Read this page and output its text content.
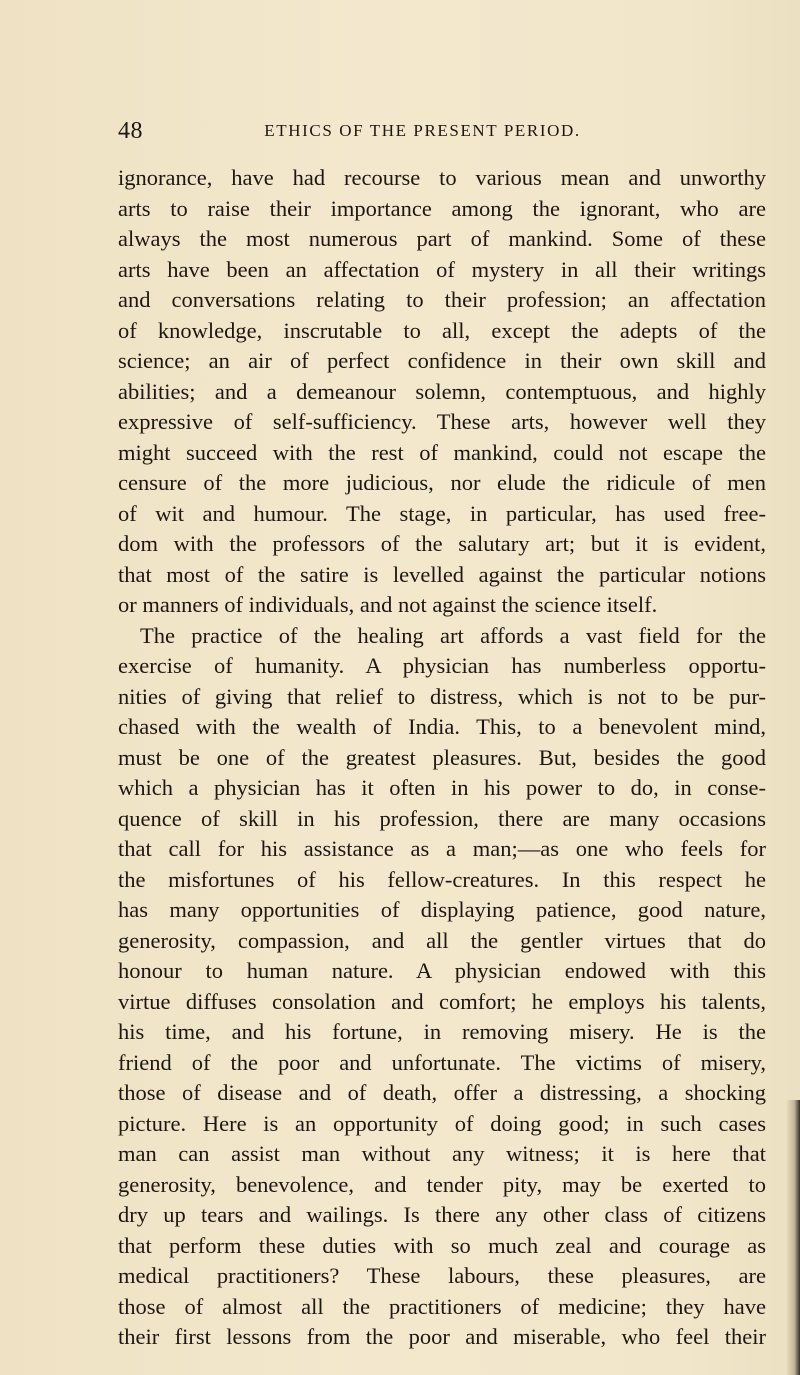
48	ETHICS OF THE PRESENT PERIOD.
ignorance, have had recourse to various mean and unworthy
arts to raise their importance among the ignorant, who are
always the most numerous part of mankind. Some of these
arts have been an affectation of mystery in all their writings
and conversations relating to their profession; an affectation
of knowledge, inscrutable to all, except the adepts of the
science; an air of perfect confidence in their own skill and
abilities; and a demeanour solemn, contemptuous, and highly
expressive of self-sufficiency. These arts, however well they
might succeed with the rest of mankind, could not escape the
censure of the more judicious, nor elude the ridicule of men
of wit and humour. The stage, in particular, has used free-
dom with the professors of the salutary art; but it is evident,
that most of the satire is levelled against the particular notions
or manners of individuals, and not against the science itself.
The practice of the healing art affords a vast field for the
exercise of humanity. A physician has numberless opportu-
nities of giving that relief to distress, which is not to be pur-
chased with the wealth of India. This, to a benevolent mind,
must be one of the greatest pleasures. But, besides the good
which a physician has it often in his power to do, in conse-
quence of skill in his profession, there are many occasions
that call for his assistance as a man;—as one who feels for
the misfortunes of his fellow-creatures. In this respect he
has many opportunities of displaying patience, good nature,
generosity, compassion, and all the gentler virtues that do
honour to human nature. A physician endowed with this
virtue diffuses consolation and comfort; he employs his talents,
his time, and his fortune, in removing misery. He is the
friend of the poor and unfortunate. The victims of misery,
those of disease and of death, offer a distressing, a shocking
picture. Here is an opportunity of doing good; in such cases
man can assist man without any witness; it is here that
generosity, benevolence, and tender pity, may be exerted to
dry up tears and wailings. Is there any other class of citizens
that perform these duties with so much zeal and courage as
medical practitioners? These labours, these pleasures, are
those of almost all the practitioners of medicine; they have
their first lessons from the poor and miserable, who feel their
